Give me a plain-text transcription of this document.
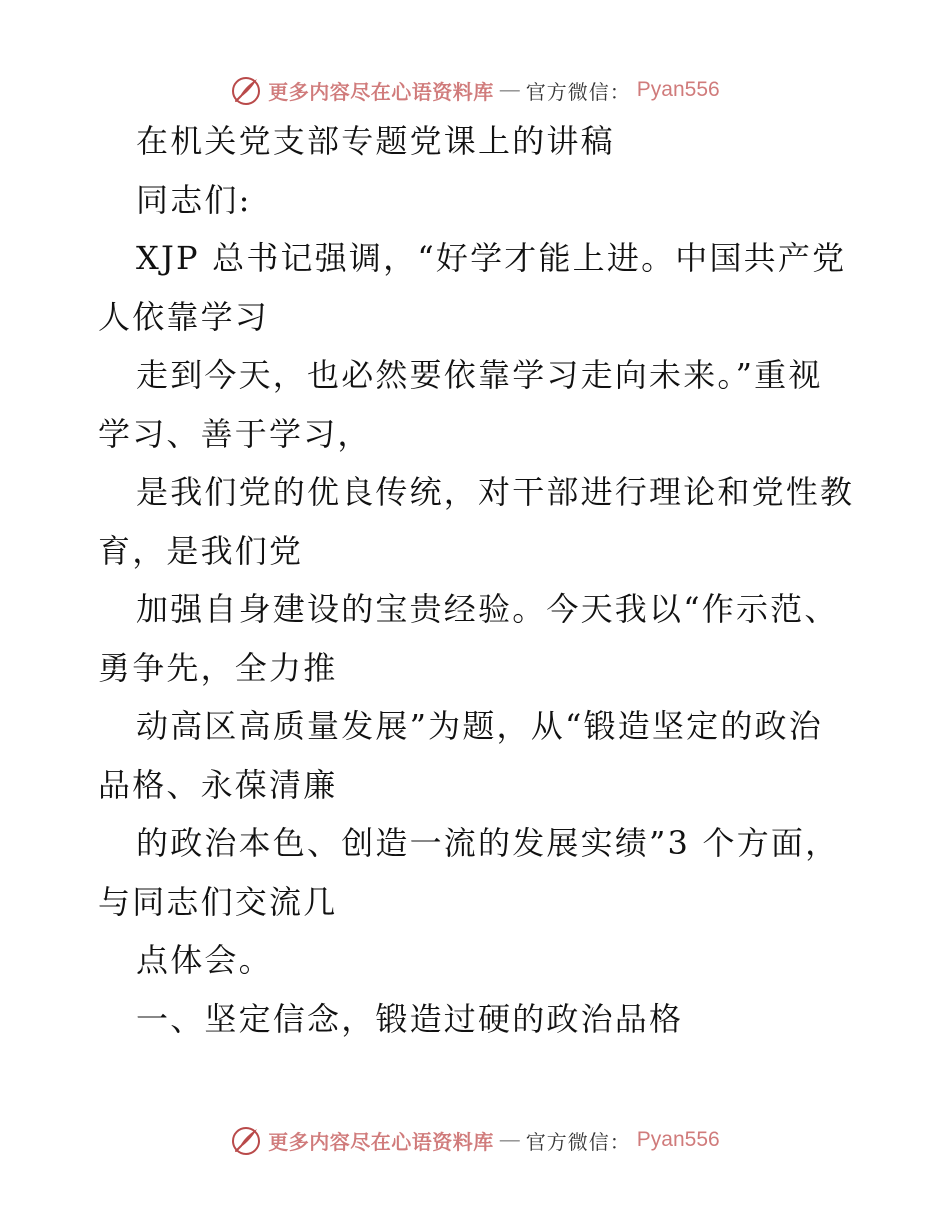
更多内容尽在心语资料库 — 官方微信： Pyan556
在机关党支部专题党课上的讲稿
同志们:
XJP 总书记强调，“好学才能上进。中国共产党
人依靠学习
走到今天，也必然要依靠学习走向未来。”重视
学习、善于学习，
是我们党的优良传统，对干部进行理论和党性教
育，是我们党
加强自身建设的宝贵经验。今天我以“作示范、
勇争先，全力推
动高区高质量发展”为题，从“锻造坚定的政治
品格、永葆清廉
的政治本色、创造一流的发展实绩”3 个方面，
与同志们交流几
点体会。
一、坚定信念，锻造过硬的政治品格
更多内容尽在心语资料库 — 官方微信： Pyan556
